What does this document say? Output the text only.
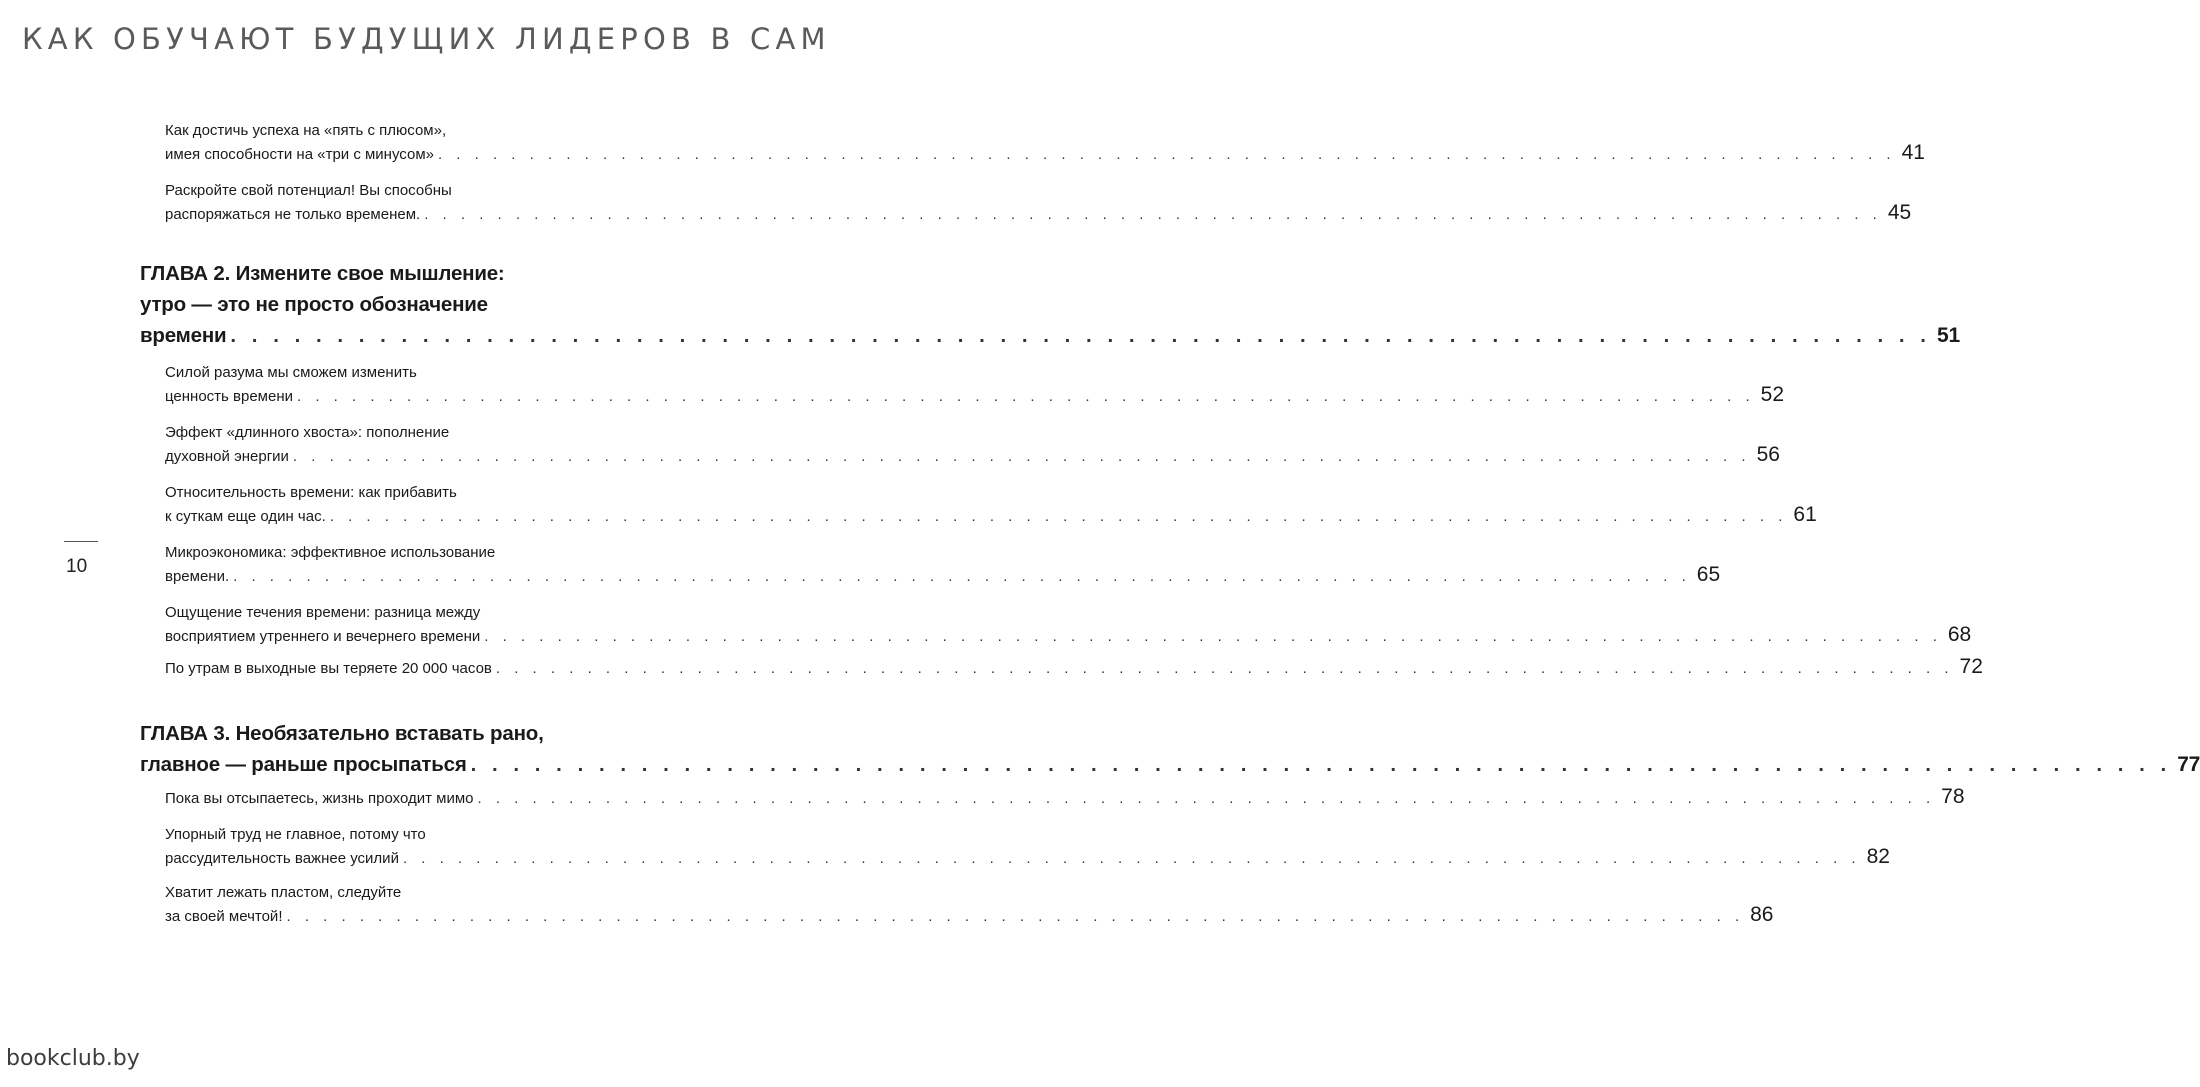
КАК ОБУЧАЮТ БУДУЩИХ ЛИДЕРОВ В САМ
10
Как достичь успеха на «пять с плюсом»,
имея способности на «три с минусом» . . . . . . . . . . . . . . . . . . . . . . . . . . . . . . . . . . . . . . . . . . . . . . . . . . . . . . . . . . . . . . . . . . . . . . . . . . . . . . . . 41
Раскройте свой потенциал! Вы способны
распоряжаться не только временем. . . . . . . . . . . . . . . . . . . . . . . . . . . . . . . . . . . . . . . . . . . . . . . . . . . . . . . . . . . . . . . . . . . . . . . . . . . . . . . . . 45
ГЛАВА 2. Измените свое мышление:
утро — это не просто обозначение
времени . . . . . . . . . . . . . . . . . . . . . . . . . . . . . . . . . . . . . . . . . . . . . . . . . . . . . . . . . . . . . . . . . . . . . . . . . . . . . . . . 51
Силой разума мы сможем изменить
ценность времени . . . . . . . . . . . . . . . . . . . . . . . . . . . . . . . . . . . . . . . . . . . . . . . . . . . . . . . . . . . . . . . . . . . . . . . . . . . . . . . . 52
Эффект «длинного хвоста»: пополнение
духовной энергии . . . . . . . . . . . . . . . . . . . . . . . . . . . . . . . . . . . . . . . . . . . . . . . . . . . . . . . . . . . . . . . . . . . . . . . . . . . . . . . . 56
Относительность времени: как прибавить
к суткам еще один час. . . . . . . . . . . . . . . . . . . . . . . . . . . . . . . . . . . . . . . . . . . . . . . . . . . . . . . . . . . . . . . . . . . . . . . . . . . . . . . . . 61
Микроэкономика: эффективное использование
времени. . . . . . . . . . . . . . . . . . . . . . . . . . . . . . . . . . . . . . . . . . . . . . . . . . . . . . . . . . . . . . . . . . . . . . . . . . . . . . . . . 65
Ощущение течения времени: разница между
восприятием утреннего и вечернего времени . . . . . . . . . . . . . . . . . . . . . . . . . . . . . . . . . . . . . . . . . . . . . . . . . . . . . . . . . . . . . . . . . . . . . . . . . . . . . . . . 68
По утрам в выходные вы теряете 20 000 часов . . . . . . . . . . . . . . . . . . . . . . . . . . . . . . . . . . . . . . . . . . . . . . . . . . . . . . . . . . . . . . . . . . . . . . . . . . . . . . . . 72
ГЛАВА 3. Необязательно вставать рано,
главное — раньше просыпаться . . . . . . . . . . . . . . . . . . . . . . . . . . . . . . . . . . . . . . . . . . . . . . . . . . . . . . . . . . . . . . . . . . . . . . . . . . . . . . . . 77
Пока вы отсыпаетесь, жизнь проходит мимо . . . . . . . . . . . . . . . . . . . . . . . . . . . . . . . . . . . . . . . . . . . . . . . . . . . . . . . . . . . . . . . . . . . . . . . . . . . . . . . . 78
Упорный труд не главное, потому что
рассудительность важнее усилий . . . . . . . . . . . . . . . . . . . . . . . . . . . . . . . . . . . . . . . . . . . . . . . . . . . . . . . . . . . . . . . . . . . . . . . . . . . . . . . . 82
Хватит лежать пластом, следуйте
за своей мечтой! . . . . . . . . . . . . . . . . . . . . . . . . . . . . . . . . . . . . . . . . . . . . . . . . . . . . . . . . . . . . . . . . . . . . . . . . . . . . . . . . 86
bookclub.by
